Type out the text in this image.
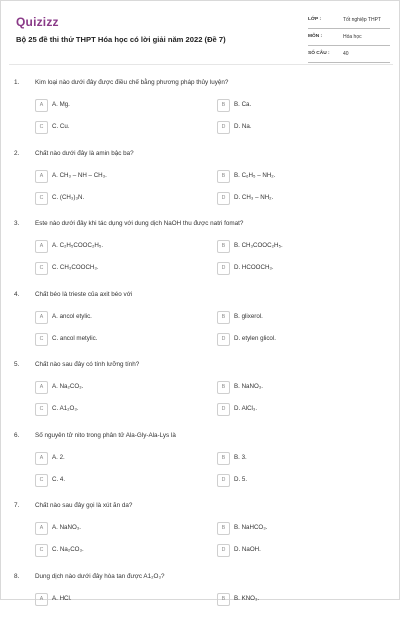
Quizizz
Bộ 25 đề thi thử THPT Hóa học có lời giải năm 2022 (Đề 7)
LỚP :	Tốt nghiệp THPT
MÔN :	Hóa học
SỐ CÂU :	40
1. Kim loại nào dưới đây được điều chế bằng phương pháp thủy luyện?
A	A. Mg.	B	B. Ca.
C	C. Cu.	D	D. Na.
2. Chất nào dưới đây là amin bậc ba?
A	A. CH₃ – NH – CH₃.	B	B. C₆H₅ – NH₂.
C	C. (CH₃)₃N.	D	D. CH₃ – NH₂.
3. Este nào dưới đây khi tác dụng với dung dịch NaOH thu được natri fomat?
A	A. C₂H₅COOC₂H₅.	B	B. CH₃COOC₂H₅.
C	C. CH₃COOCH₃.	D	D. HCOOCH₃.
4. Chất béo là trieste của axit béo với
A	A. ancol etylic.	B	B. glixerol.
C	C. ancol metylic.	D	D. etylen glicol.
5. Chất nào sau đây có tính lưỡng tính?
A	A. Na₂CO₃.	B	B. NaNO₃.
C	C. A1₂O₃.	D	D. AlCl₃.
6. Số nguyên tử nito trong phân tử Ala-Gly-Ala-Lys là
A	A. 2.	B	B. 3.
C	C. 4.	D	D. 5.
7. Chất nào sau đây gọi là xút ăn da?
A	A. NaNO₃.	B	B. NaHCO₃.
C	C. Na₂CO₃.	D	D. NaOH.
8. Dung dịch nào dưới đây hòa tan được A1₂O₃?
A	A. HCl.	B	B. KNO₃.
